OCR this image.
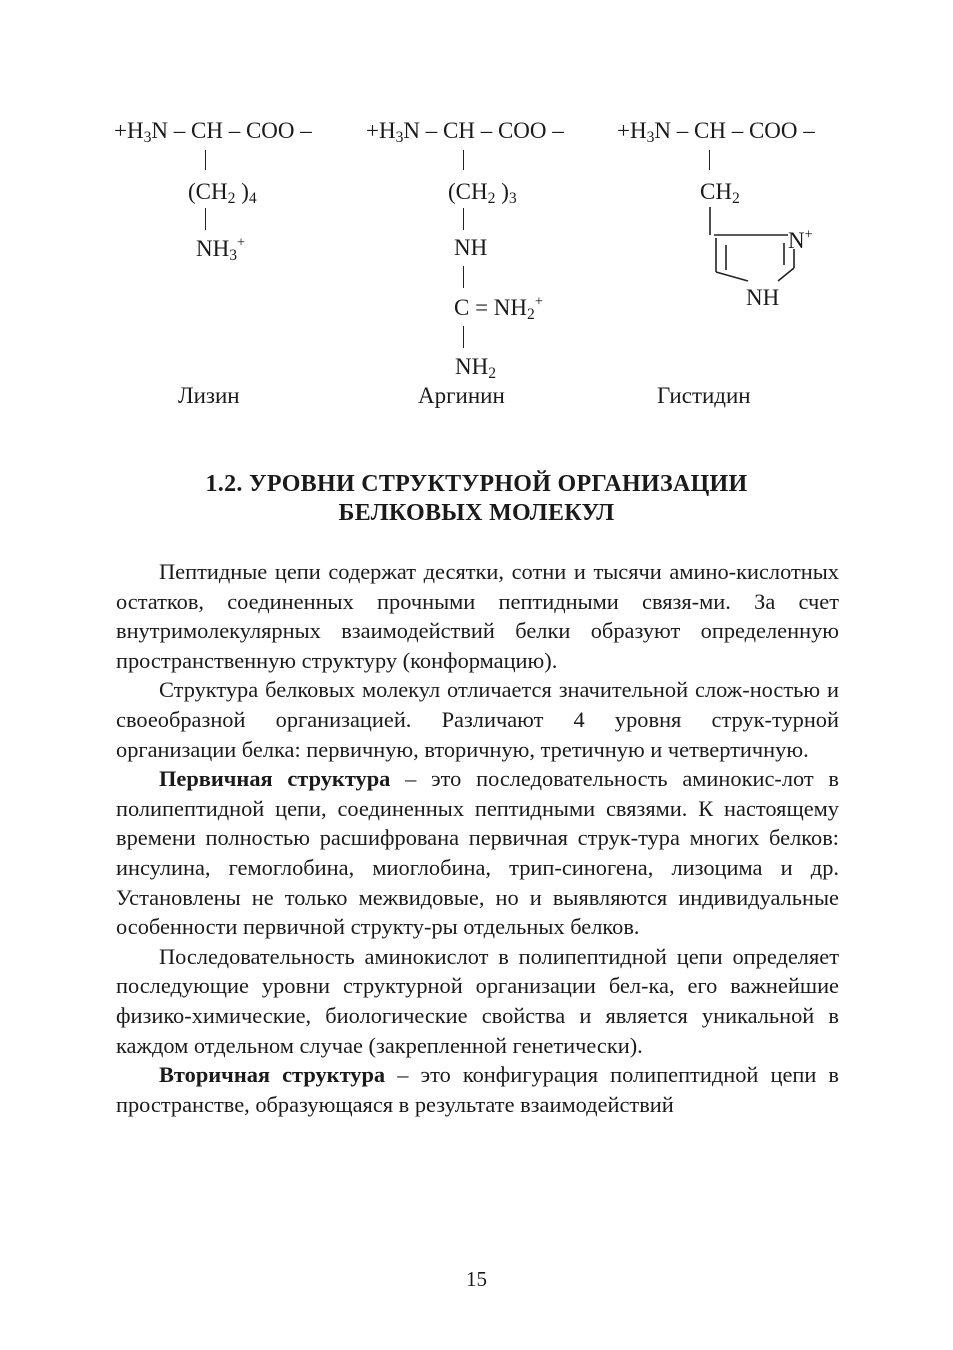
$+H_3N$ – CH – COO –
($CH_2$ )$_4$
$NH_3^+$
Лизин
$+H_3N$ – CH – COO –
($CH_2$ )$_3$
NH
$C = NH_2^+$
$NH_2$
Аргинин
$+H_3N$ – CH – COO –
$CH_2$
N+
NH
Гистидин
1.2. УРОВНИ СТРУКТУРНОЙ ОРГАНИЗАЦИИ
БЕЛКОВЫХ МОЛЕКУЛ

Пептидные цепи содержат десятки, сотни и тысячи амино-кислотных остатков, соединенных прочными пептидными связя-ми. За счет внутримолекулярных взаимодействий белки образуют определенную пространственную структуру (конформацию).

Структура белковых молекул отличается значительной слож-ностью и своеобразной организацией. Различают 4 уровня струк-турной организации белка: первичную, вторичную, третичную и четвертичную.

Первичная структура – это последовательность аминокис-лот в полипептидной цепи, соединенных пептидными связями. К настоящему времени полностью расшифрована первичная струк-тура многих белков: инсулина, гемоглобина, миоглобина, трип-синогена, лизоцима и др. Установлены не только межвидовые, но и выявляются индивидуальные особенности первичной структу-ры отдельных белков.

Последовательность аминокислот в полипептидной цепи определяет последующие уровни структурной организации бел-ка, его важнейшие физико-химические, биологические свойства и является уникальной в каждом отдельном случае (закрепленной генетически).

Вторичная структура – это конфигурация полипептидной цепи в пространстве, образующаяся в результате взаимодействий

15
